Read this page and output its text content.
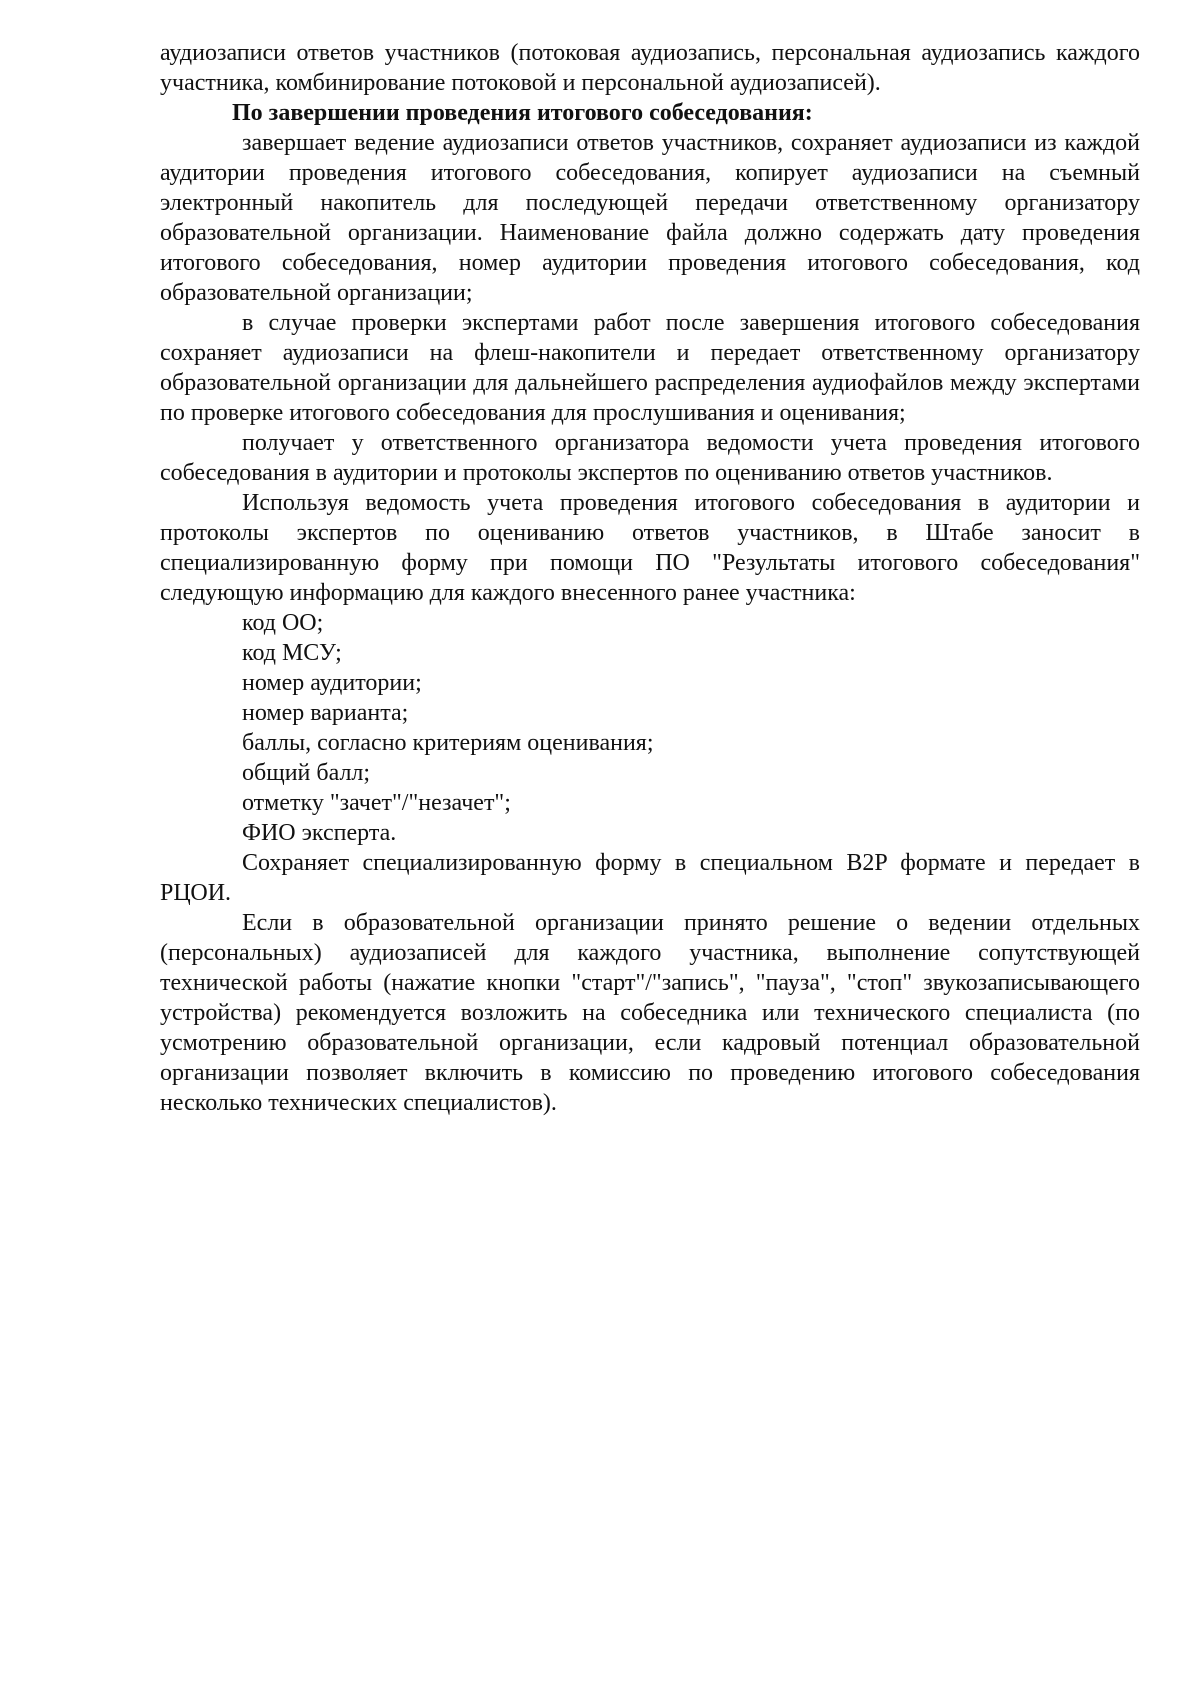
аудиозаписи ответов участников (потоковая аудиозапись, персональная аудиозапись каждого участника, комбинирование потоковой и персональной аудиозаписей).

По завершении проведения итогового собеседования:

завершает ведение аудиозаписи ответов участников, сохраняет аудиозаписи из каждой аудитории проведения итогового собеседования, копирует аудиозаписи на съемный электронный накопитель для последующей передачи ответственному организатору образовательной организации. Наименование файла должно содержать дату проведения итогового собеседования, номер аудитории проведения итогового собеседования, код образовательной организации;

в случае проверки экспертами работ после завершения итогового собеседования сохраняет аудиозаписи на флеш-накопители и передает ответственному организатору образовательной организации для дальнейшего распределения аудиофайлов между экспертами по проверке итогового собеседования для прослушивания и оценивания;

получает у ответственного организатора ведомости учета проведения итогового собеседования в аудитории и протоколы экспертов по оцениванию ответов участников.

Используя ведомость учета проведения итогового собеседования в аудитории и протоколы экспертов по оцениванию ответов участников, в Штабе заносит в специализированную форму при помощи ПО "Результаты итогового собеседования" следующую информацию для каждого внесенного ранее участника:

код ОО;

код МСУ;

номер аудитории;

номер варианта;

баллы, согласно критериям оценивания;

общий балл;

отметку "зачет"/"незачет";

ФИО эксперта.

Сохраняет специализированную форму в специальном B2P формате и передает в РЦОИ.

Если в образовательной организации принято решение о ведении отдельных (персональных) аудиозаписей для каждого участника, выполнение сопутствующей технической работы (нажатие кнопки "старт"/"запись", "пауза", "стоп" звукозаписывающего устройства) рекомендуется возложить на собеседника или технического специалиста (по усмотрению образовательной организации, если кадровый потенциал образовательной организации позволяет включить в комиссию по проведению итогового собеседования несколько технических специалистов).
